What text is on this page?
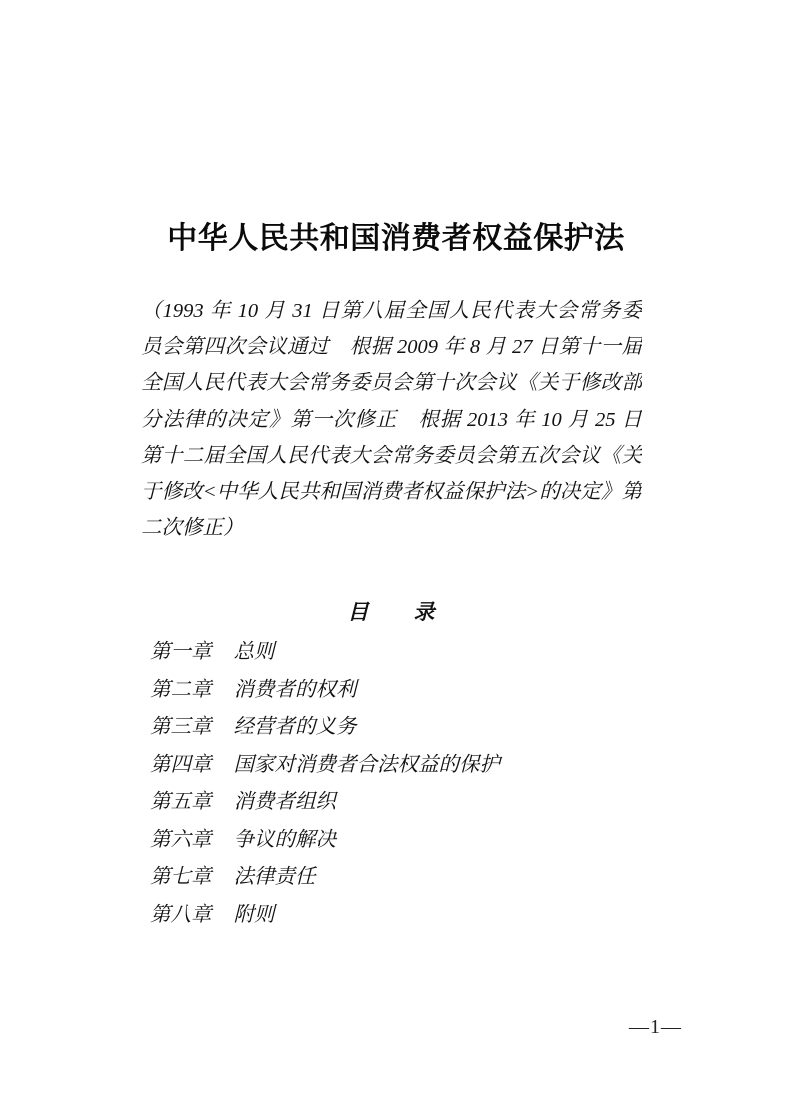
中华人民共和国消费者权益保护法
（1993 年 10 月 31 日第八届全国人民代表大会常务委
员会第四次会议通过　根据 2009 年 8 月 27 日第十一届
全国人民代表大会常务委员会第十次会议《关于修改部
分法律的决定》第一次修正　根据 2013 年 10 月 25 日
第十二届全国人民代表大会常务委员会第五次会议《关
于修改<中华人民共和国消费者权益保护法>的决定》第
二次修正）
目　　录
第一章 总则
第二章 消费者的权利
第三章 经营者的义务
第四章 国家对消费者合法权益的保护
第五章 消费者组织
第六章 争议的解决
第七章 法律责任
第八章 附则
—1—
